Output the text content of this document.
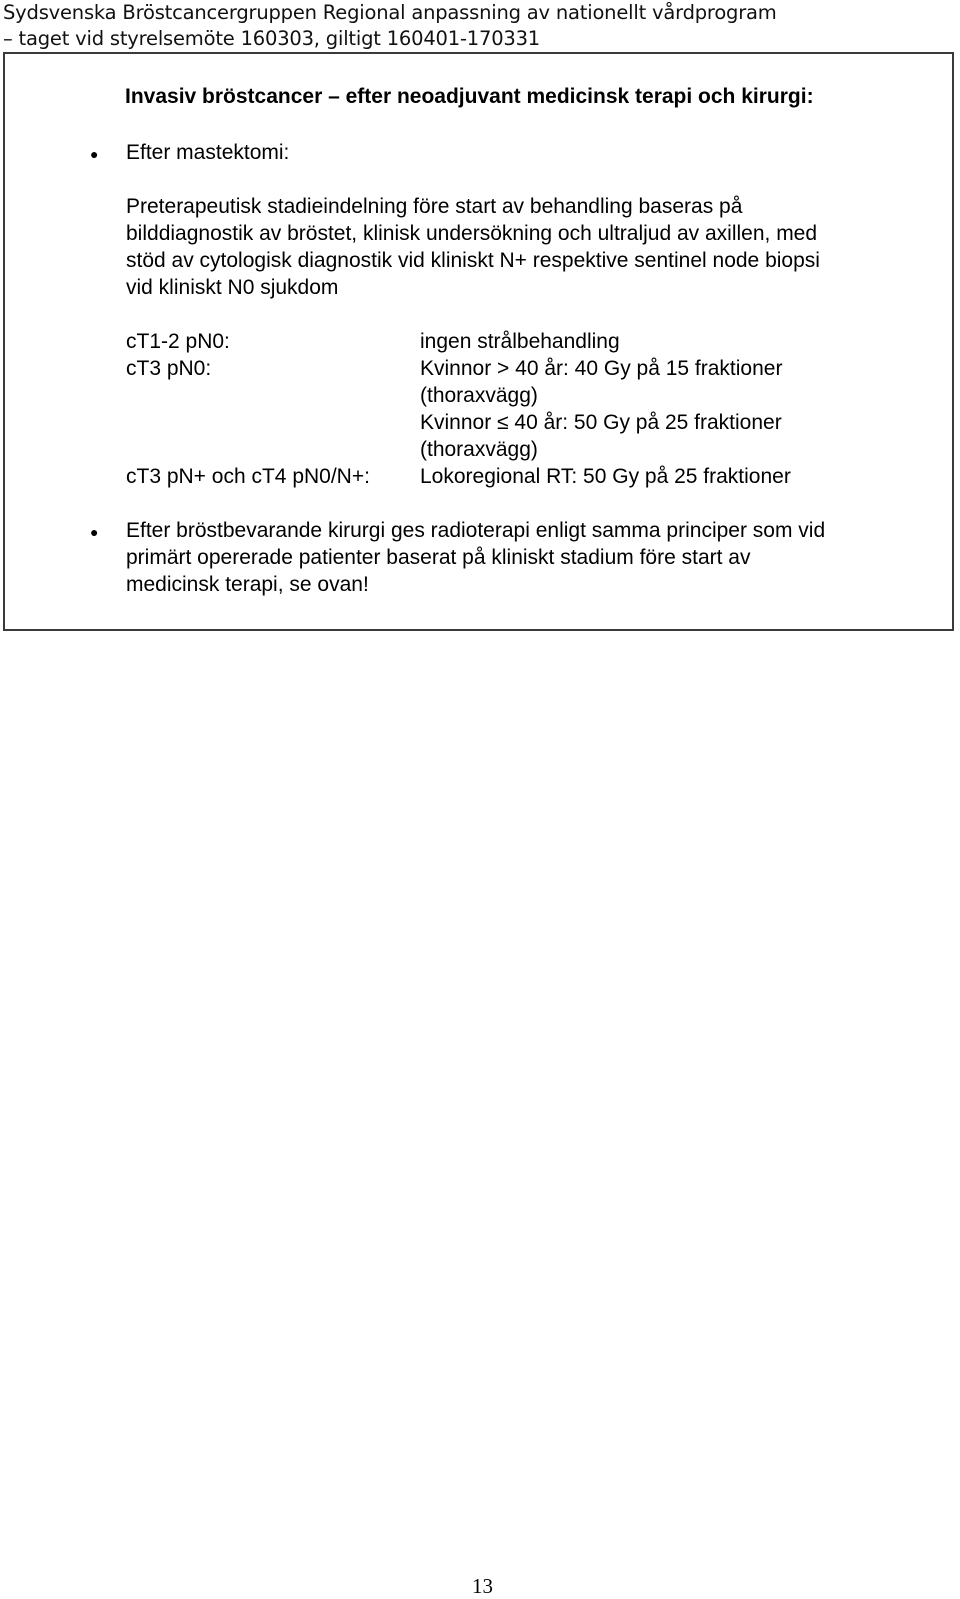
Sydsvenska Bröstcancergruppen Regional anpassning av nationellt vårdprogram
– taget vid styrelsemöte 160303, giltigt 160401-170331
Invasiv bröstcancer – efter neoadjuvant medicinsk terapi och kirurgi:
● Efter mastektomi:
Preterapeutisk stadieindelning före start av behandling baseras på
bilddiagnostik av bröstet, klinisk undersökning och ultraljud av axillen, med
stöd av cytologisk diagnostik vid kliniskt N+ respektive sentinel node biopsi
vid kliniskt N0 sjukdom
cT1-2 pN0:	ingen strålbehandling
cT3 pN0:	Kvinnor > 40 år: 40 Gy på 15 fraktioner
(thoraxvägg)
Kvinnor ≤ 40 år: 50 Gy på 25 fraktioner
(thoraxvägg)
cT3 pN+ och cT4 pN0/N+: Lokoregional RT: 50 Gy på 25 fraktioner
● Efter bröstbevarande kirurgi ges radioterapi enligt samma principer som vid
primärt opererade patienter baserat på kliniskt stadium före start av
medicinsk terapi, se ovan!
13
